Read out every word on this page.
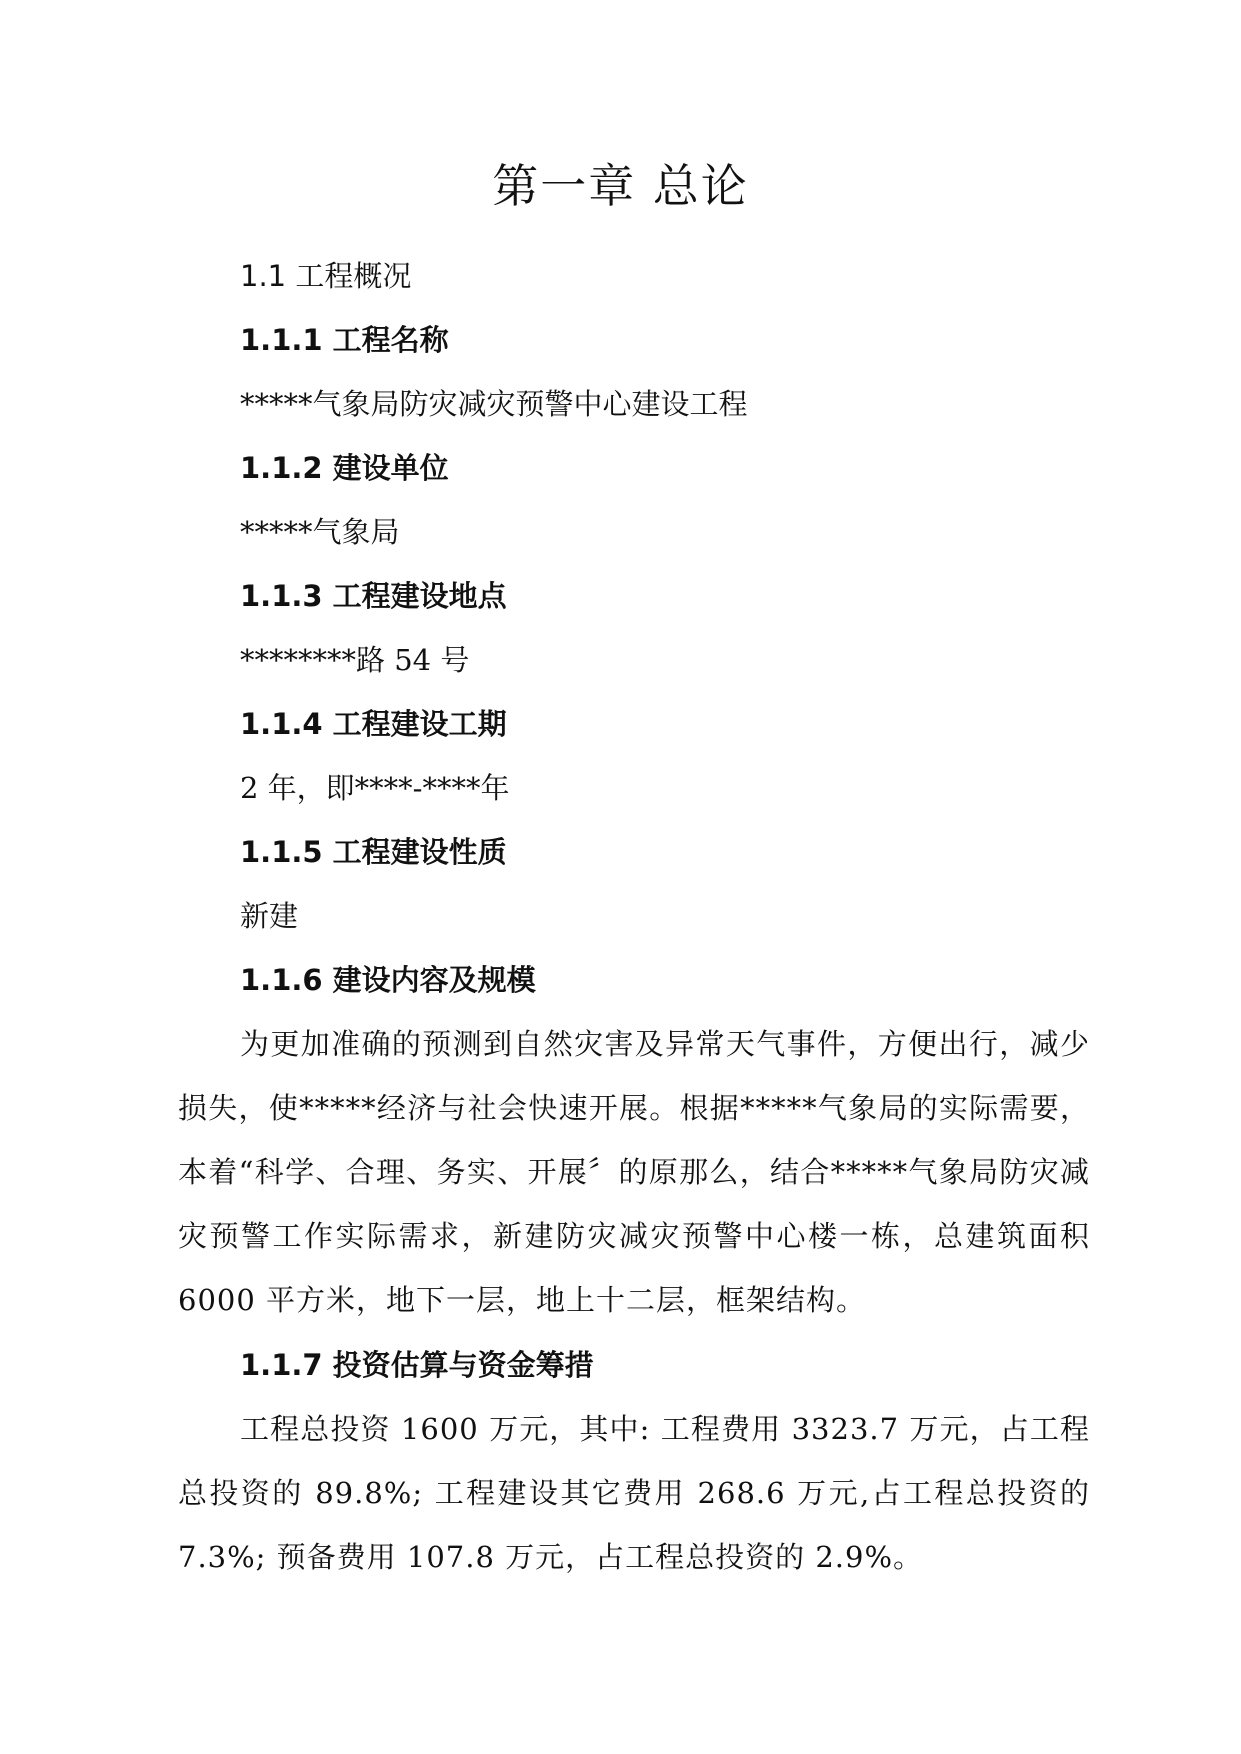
第一章 总论

1.1 工程概况

1.1.1 工程名称

*****气象局防灾减灾预警中心建设工程

1.1.2 建设单位

*****气象局

1.1.3 工程建设地点

********路 54 号

1.1.4 工程建设工期

2 年，即****-****年

1.1.5 工程建设性质

新建

1.1.6 建设内容及规模

为更加准确的预测到自然灾害及异常天气事件，方便出行，减少损失，使*****经济与社会快速开展。根据*****气象局的实际需要，本着“科学、合理、务实、开展〞的原那么，结合*****气象局防灾减灾预警工作实际需求，新建防灾减灾预警中心楼一栋，总建筑面积 6000 平方米，地下一层，地上十二层，框架结构。

1.1.7 投资估算与资金筹措

工程总投资 1600 万元，其中: 工程费用 3323.7 万元，占工程总投资的 89.8%; 工程建设其它费用 268.6 万元,占工程总投资的 7.3%; 预备费用 107.8 万元，占工程总投资的 2.9%。
